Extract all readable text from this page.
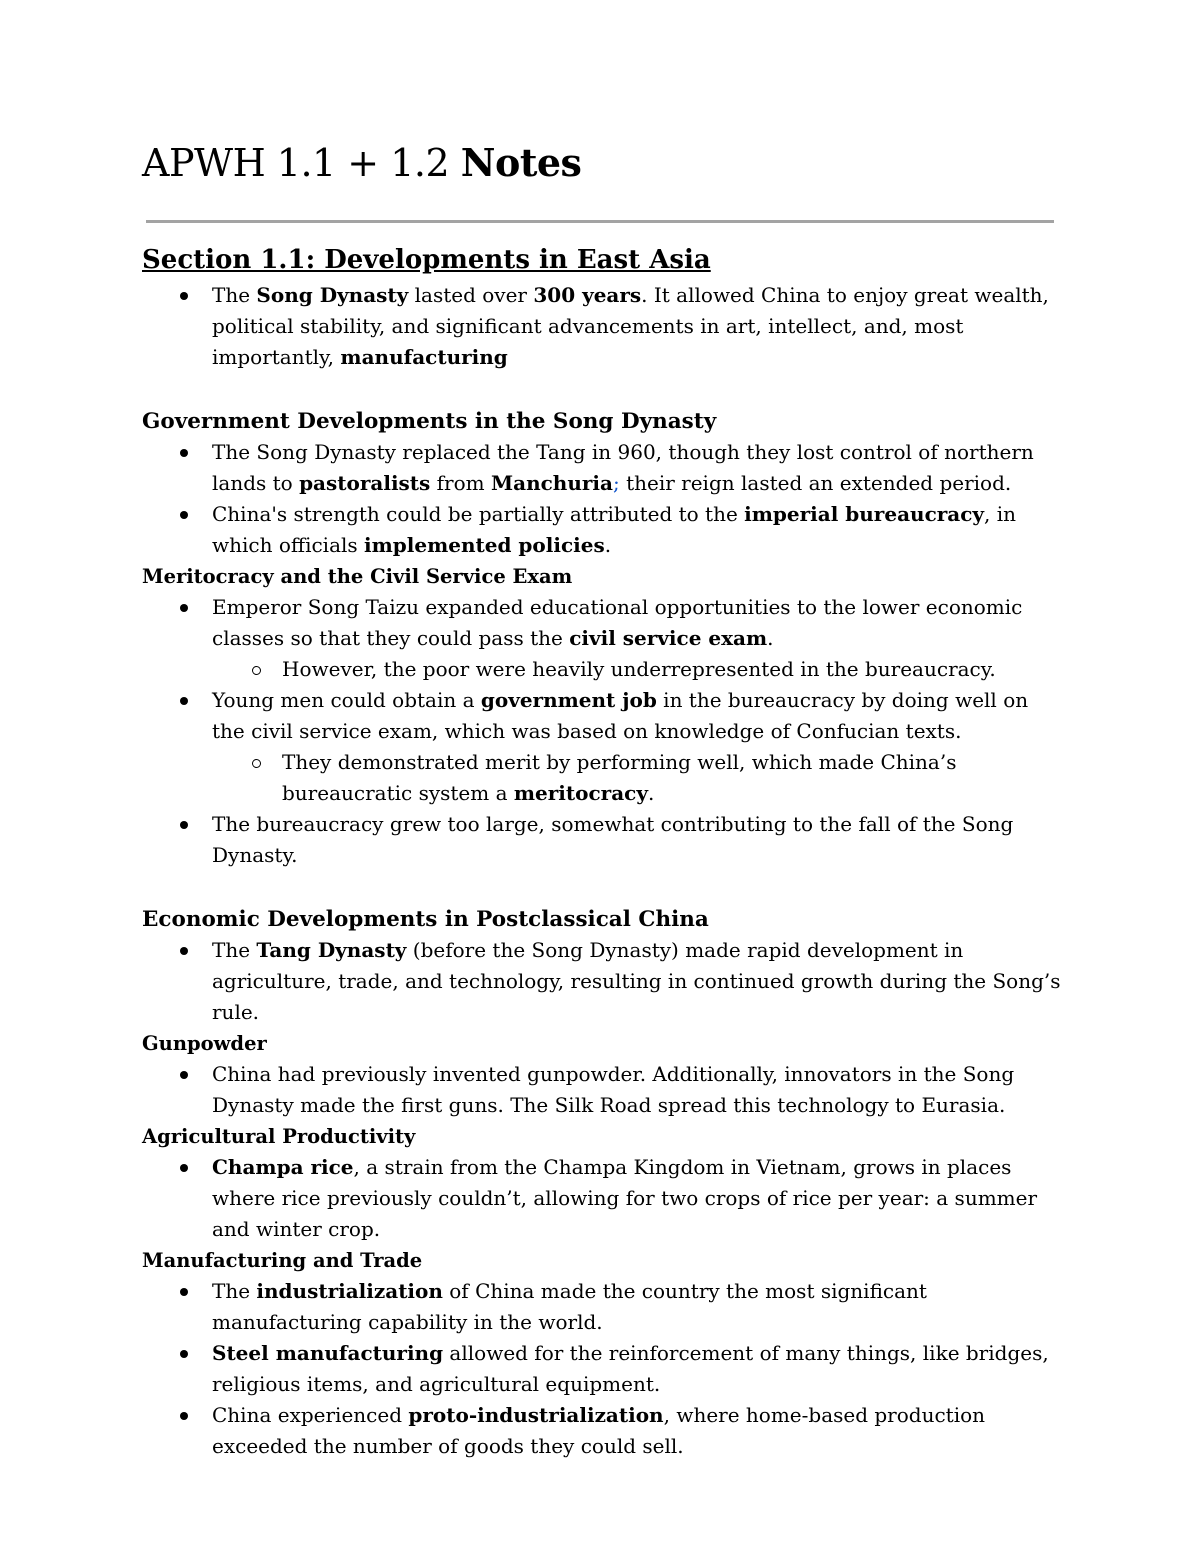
APWH 1.1 + 1.2 Notes
Section 1.1: Developments in East Asia
The Song Dynasty lasted over 300 years. It allowed China to enjoy great wealth, political stability, and significant advancements in art, intellect, and, most importantly, manufacturing
Government Developments in the Song Dynasty
The Song Dynasty replaced the Tang in 960, though they lost control of northern lands to pastoralists from Manchuria; their reign lasted an extended period.
China's strength could be partially attributed to the imperial bureaucracy, in which officials implemented policies.
Meritocracy and the Civil Service Exam
Emperor Song Taizu expanded educational opportunities to the lower economic classes so that they could pass the civil service exam.
However, the poor were heavily underrepresented in the bureaucracy.
Young men could obtain a government job in the bureaucracy by doing well on the civil service exam, which was based on knowledge of Confucian texts.
They demonstrated merit by performing well, which made China’s bureaucratic system a meritocracy.
The bureaucracy grew too large, somewhat contributing to the fall of the Song Dynasty.
Economic Developments in Postclassical China
The Tang Dynasty (before the Song Dynasty) made rapid development in agriculture, trade, and technology, resulting in continued growth during the Song’s rule.
Gunpowder
China had previously invented gunpowder. Additionally, innovators in the Song Dynasty made the first guns. The Silk Road spread this technology to Eurasia.
Agricultural Productivity
Champa rice, a strain from the Champa Kingdom in Vietnam, grows in places where rice previously couldn’t, allowing for two crops of rice per year: a summer and winter crop.
Manufacturing and Trade
The industrialization of China made the country the most significant manufacturing capability in the world.
Steel manufacturing allowed for the reinforcement of many things, like bridges, religious items, and agricultural equipment.
China experienced proto-industrialization, where home-based production exceeded the number of goods they could sell.
